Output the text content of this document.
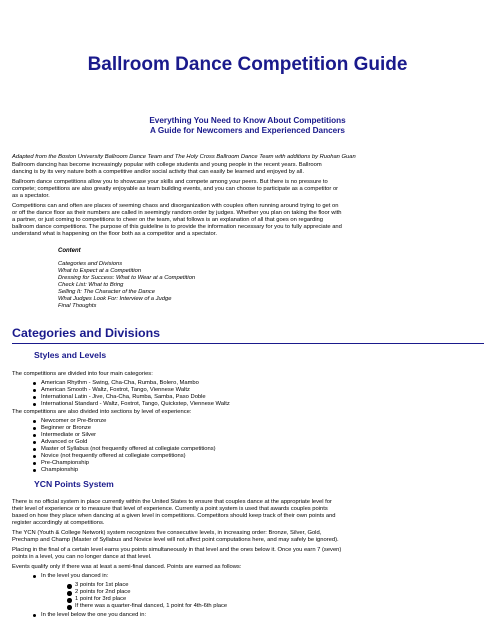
Ballroom Dance Competition Guide
Everything You Need to Know About Competitions
A Guide for Newcomers and Experienced Dancers
Adapted from the Boston University Ballroom Dance Team and The Holy Cross Ballroom Dance Team with additions by Ruohan Guan
Ballroom dancing has become increasingly popular with college students and young people in the recent years. Ballroom
dancing is by its very nature both a competitive and/or social activity that can easily be learned and enjoyed by all.
Ballroom dance competitions allow you to showcase your skills and compete among your peers. But there is no pressure to
compete; competitions are also greatly enjoyable as team building events, and you can choose to participate as a competitor or
as a spectator.
Competitions can and often are places of seeming chaos and disorganization with couples often running around trying to get on
or off the dance floor as their numbers are called in seemingly random order by judges. Whether you plan on taking the floor with
a partner, or just coming to competitions to cheer on the team, what follows is an explanation of all that goes on regarding
ballroom dance competitions. The purpose of this guideline is to provide the information necessary for you to fully appreciate and
understand what is happening on the floor both as a competitor and a spectator.
Content
Categories and Divisions
What to Expect at a Competition
Dressing for Success: What to Wear at a Competition
Check List: What to Bring
Selling It: The Character of the Dance
What Judges Look For: Interview of a Judge
Final Thoughts
Categories and Divisions
Styles and Levels
The competitions are divided into four main categories:
American Rhythm - Swing, Cha-Cha, Rumba, Bolero, Mambo
American Smooth - Waltz, Foxtrot, Tango, Viennese Waltz
International Latin - Jive, Cha-Cha, Rumba, Samba, Paso Doble
International Standard - Waltz, Foxtrot, Tango, Quickstep, Viennese Waltz
The competitions are also divided into sections by level of experience:
Newcomer or Pre-Bronze
Beginner or Bronze
Intermediate or Silver
Advanced or Gold
Master of Syllabus (not frequently offered at collegiate competitions)
Novice (not frequently offered at collegiate competitions)
Pre-Championship
Championship
YCN Points System
There is no official system in place currently within the United States to ensure that couples dance at the appropriate level for
their level of experience or to measure that level of experience. Currently a point system is used that awards couples points
based on how they place when dancing at a given level in competitions. Competitors should keep track of their own points and
register accordingly at competitions.
The YCN (Youth & College Network) system recognizes five consecutive levels, in increasing order: Bronze, Silver, Gold,
Prechamp and Champ (Master of Syllabus and Novice level will not affect point computations here, and may safely be ignored).
Placing in the final of a certain level earns you points simultaneously in that level and the ones below it. Once you earn 7 (seven)
points in a level, you can no longer dance at that level.
Events qualify only if there was at least a semi-final danced. Points are earned as follows:
In the level you danced in:
3 points for 1st place
2 points for 2nd place
1 point for 3rd place
If there was a quarter-final danced, 1 point for 4th-6th place
In the level below the one you danced in:
